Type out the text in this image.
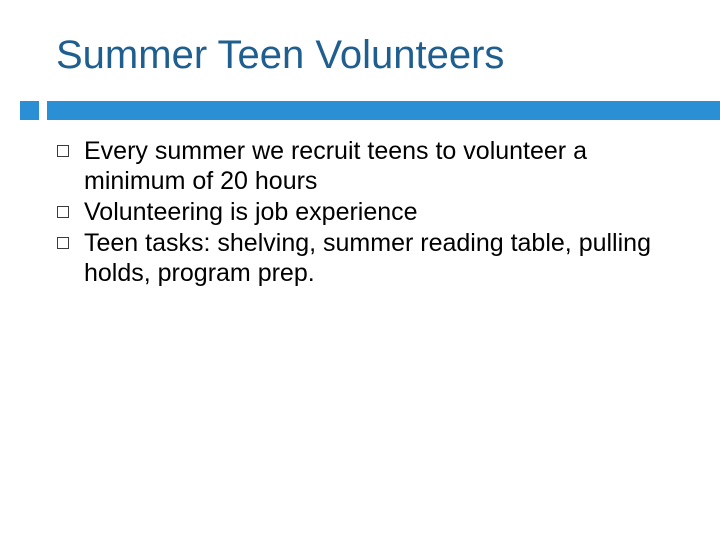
Summer Teen Volunteers
Every summer we recruit teens to volunteer a minimum of 20 hours
Volunteering is job experience
Teen tasks: shelving, summer reading table, pulling holds, program prep.
